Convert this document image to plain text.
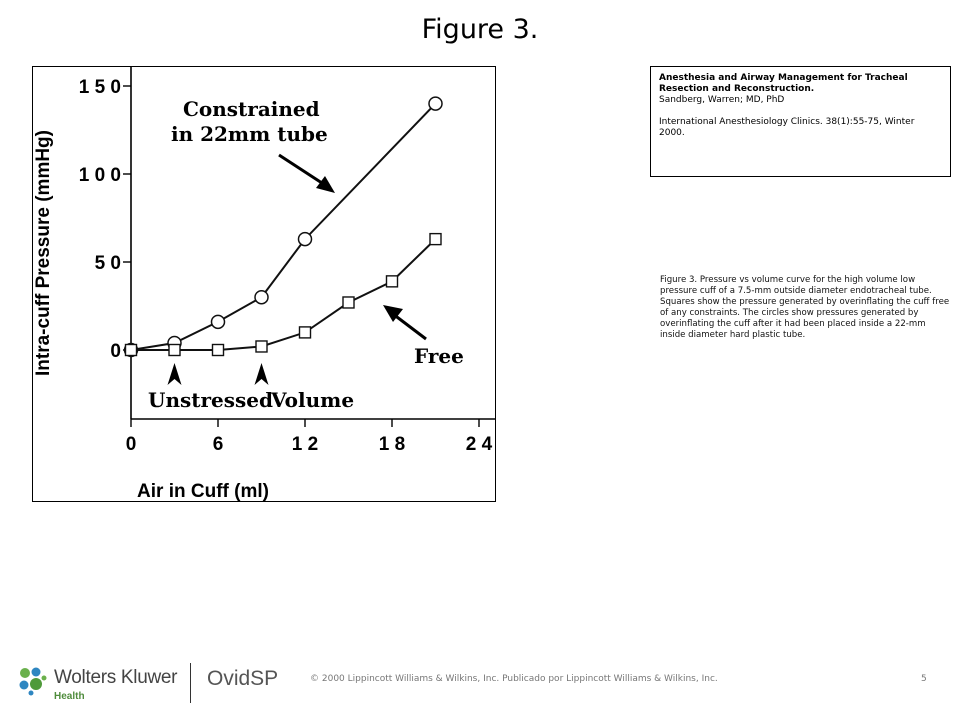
Figure 3.
0
5 0
1 0 0
1 5 0
0	6	1 2	1 8	2 4
Constrained
in 22mm tube
Free
Unstressed
Volume
Intra-cuff Pressure (mmHg)
Air in Cuff (ml)
Anesthesia and Airway Management for Tracheal Resection and Reconstruction.
Sandberg, Warren; MD, PhD
International Anesthesiology Clinics. 38(1):55-75, Winter 2000.
Figure 3. Pressure vs volume curve for the high volume low pressure cuff of a 7.5-mm outside diameter endotracheal tube. Squares show the pressure generated by overinflating the cuff free of any constraints. The circles show pressures generated by overinflating the cuff after it had been placed inside a 22-mm inside diameter hard plastic tube.
Wolters Kluwer
Health
OvidSP	© 2000 Lippincott Williams & Wilkins, Inc. Publicado por Lippincott Williams & Wilkins, Inc.	5
